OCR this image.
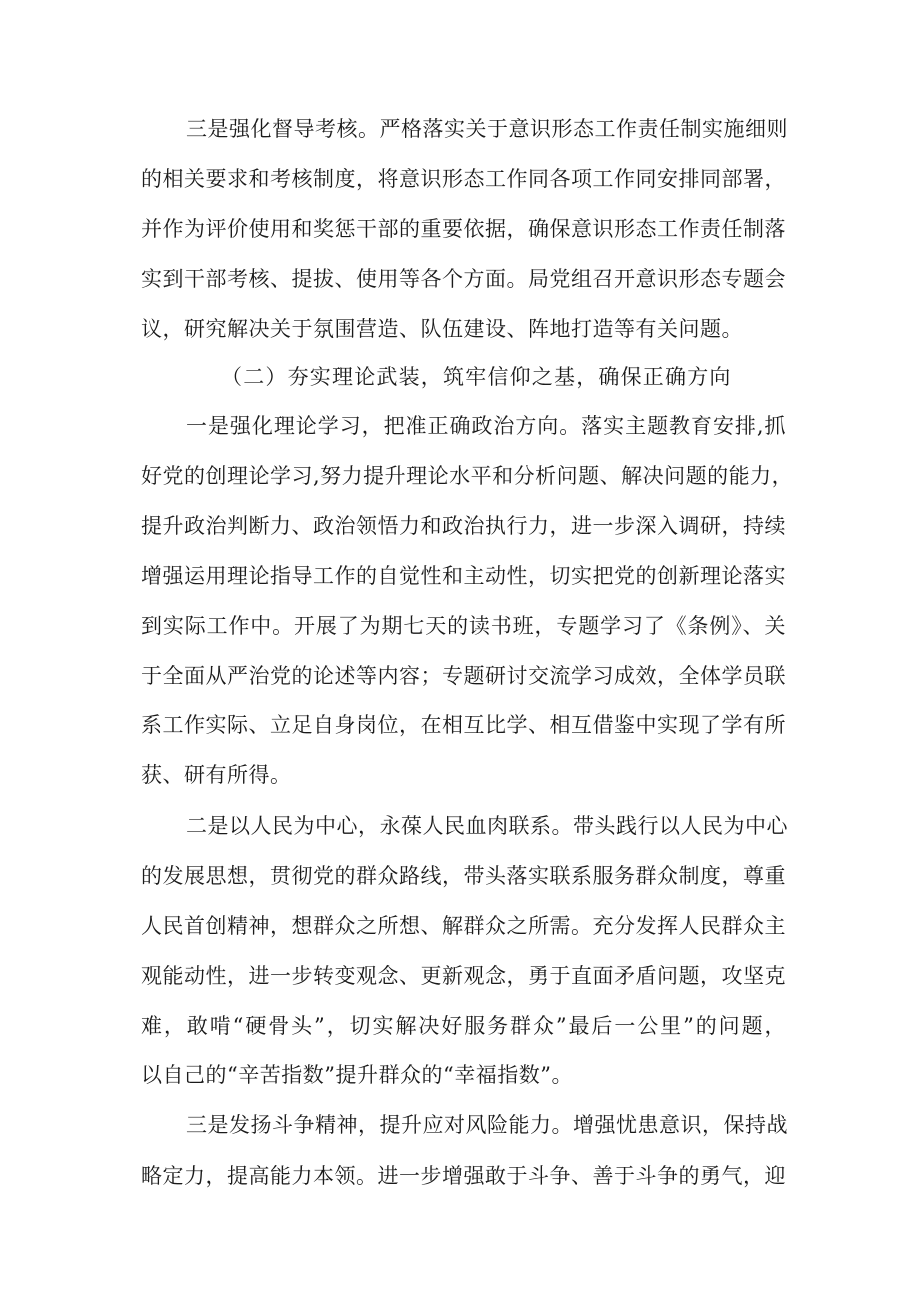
三是强化督导考核。严格落实关于意识形态工作责任制实施细则
的相关要求和考核制度，将意识形态工作同各项工作同安排同部署，
并作为评价使用和奖惩干部的重要依据，确保意识形态工作责任制落
实到干部考核、提拔、使用等各个方面。局党组召开意识形态专题会
议，研究解决关于氛围营造、队伍建设、阵地打造等有关问题。
（二）夯实理论武装，筑牢信仰之基，确保正确方向
一是强化理论学习，把准正确政治方向。落实主题教育安排,抓
好党的创理论学习,努力提升理论水平和分析问题、解决问题的能力，
提升政治判断力、政治领悟力和政治执行力，进一步深入调研，持续
增强运用理论指导工作的自觉性和主动性，切实把党的创新理论落实
到实际工作中。开展了为期七天的读书班，专题学习了《条例》、关
于全面从严治党的论述等内容；专题研讨交流学习成效，全体学员联
系工作实际、立足自身岗位，在相互比学、相互借鉴中实现了学有所
获、研有所得。
二是以人民为中心，永葆人民血肉联系。带头践行以人民为中心
的发展思想，贯彻党的群众路线，带头落实联系服务群众制度，尊重
人民首创精神，想群众之所想、解群众之所需。充分发挥人民群众主
观能动性，进一步转变观念、更新观念，勇于直面矛盾问题，攻坚克
难，敢啃“硬骨头”，切实解决好服务群众”最后一公里”的问题，
以自己的“辛苦指数”提升群众的“幸福指数”。
三是发扬斗争精神，提升应对风险能力。增强忧患意识，保持战
略定力，提高能力本领。进一步增强敢于斗争、善于斗争的勇气，迎
